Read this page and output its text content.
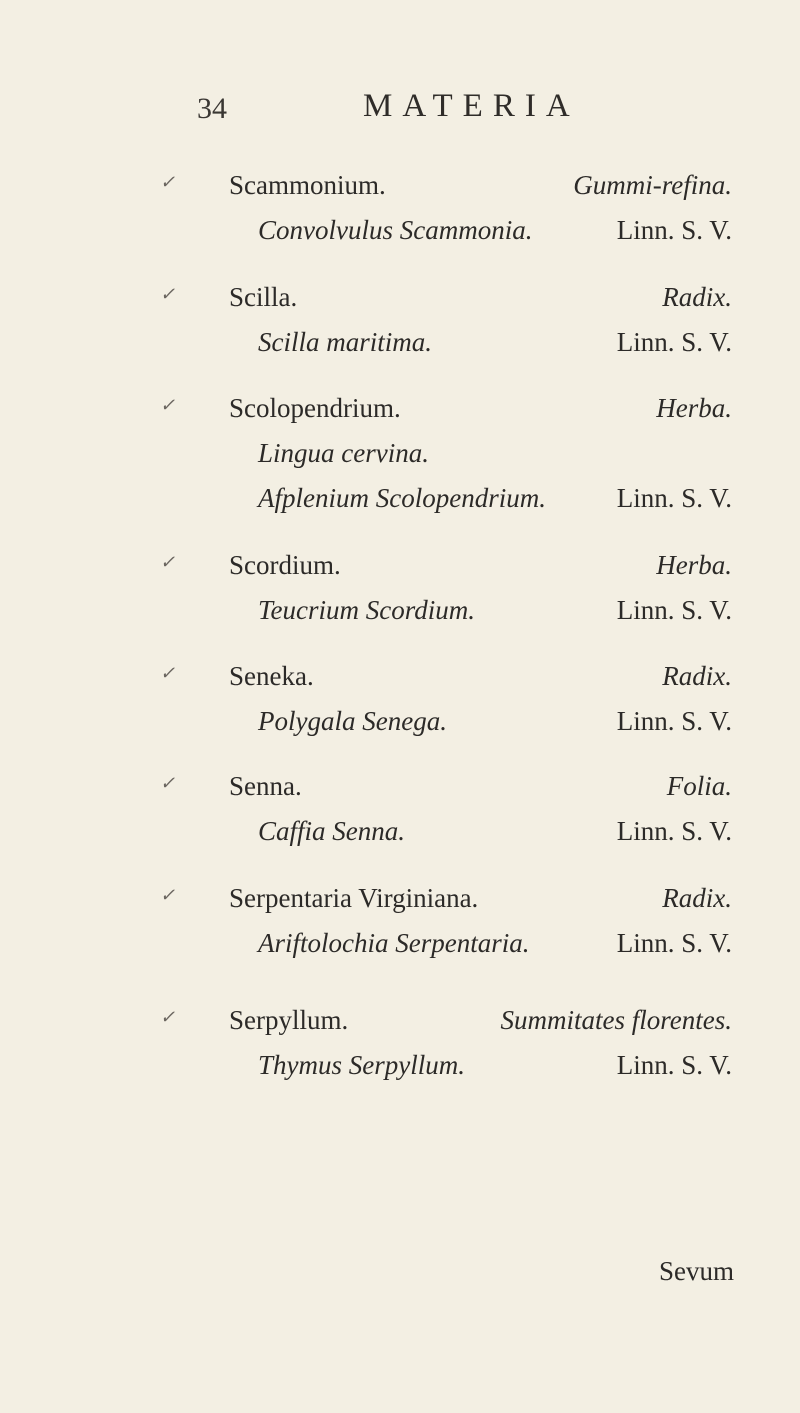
34	MATERIA
✓ Scammonium.	Gummi-refina.
Convolvulus Scammonia.	Linn. S. V.
✓ Scilla.	Radix.
Scilla maritima.	Linn. S. V.
✓ Scolopendrium.	Herba.
Lingua cervina.
Afplenium Scolopendrium.	Linn. S. V.
✓ Scordium.	Herba.
Teucrium Scordium.	Linn. S. V.
✓ Seneka.	Radix.
Polygala Senega.	Linn. S. V.
✓ Senna.	Folia.
Caffia Senna.	Linn. S. V.
✓ Serpentaria Virginiana.	Radix.
Ariftolochia Serpentaria.	Linn. S. V.
✓ Serpyllum.	Summitates florentes.
Thymus Serpyllum.	Linn. S. V.
Sevum
